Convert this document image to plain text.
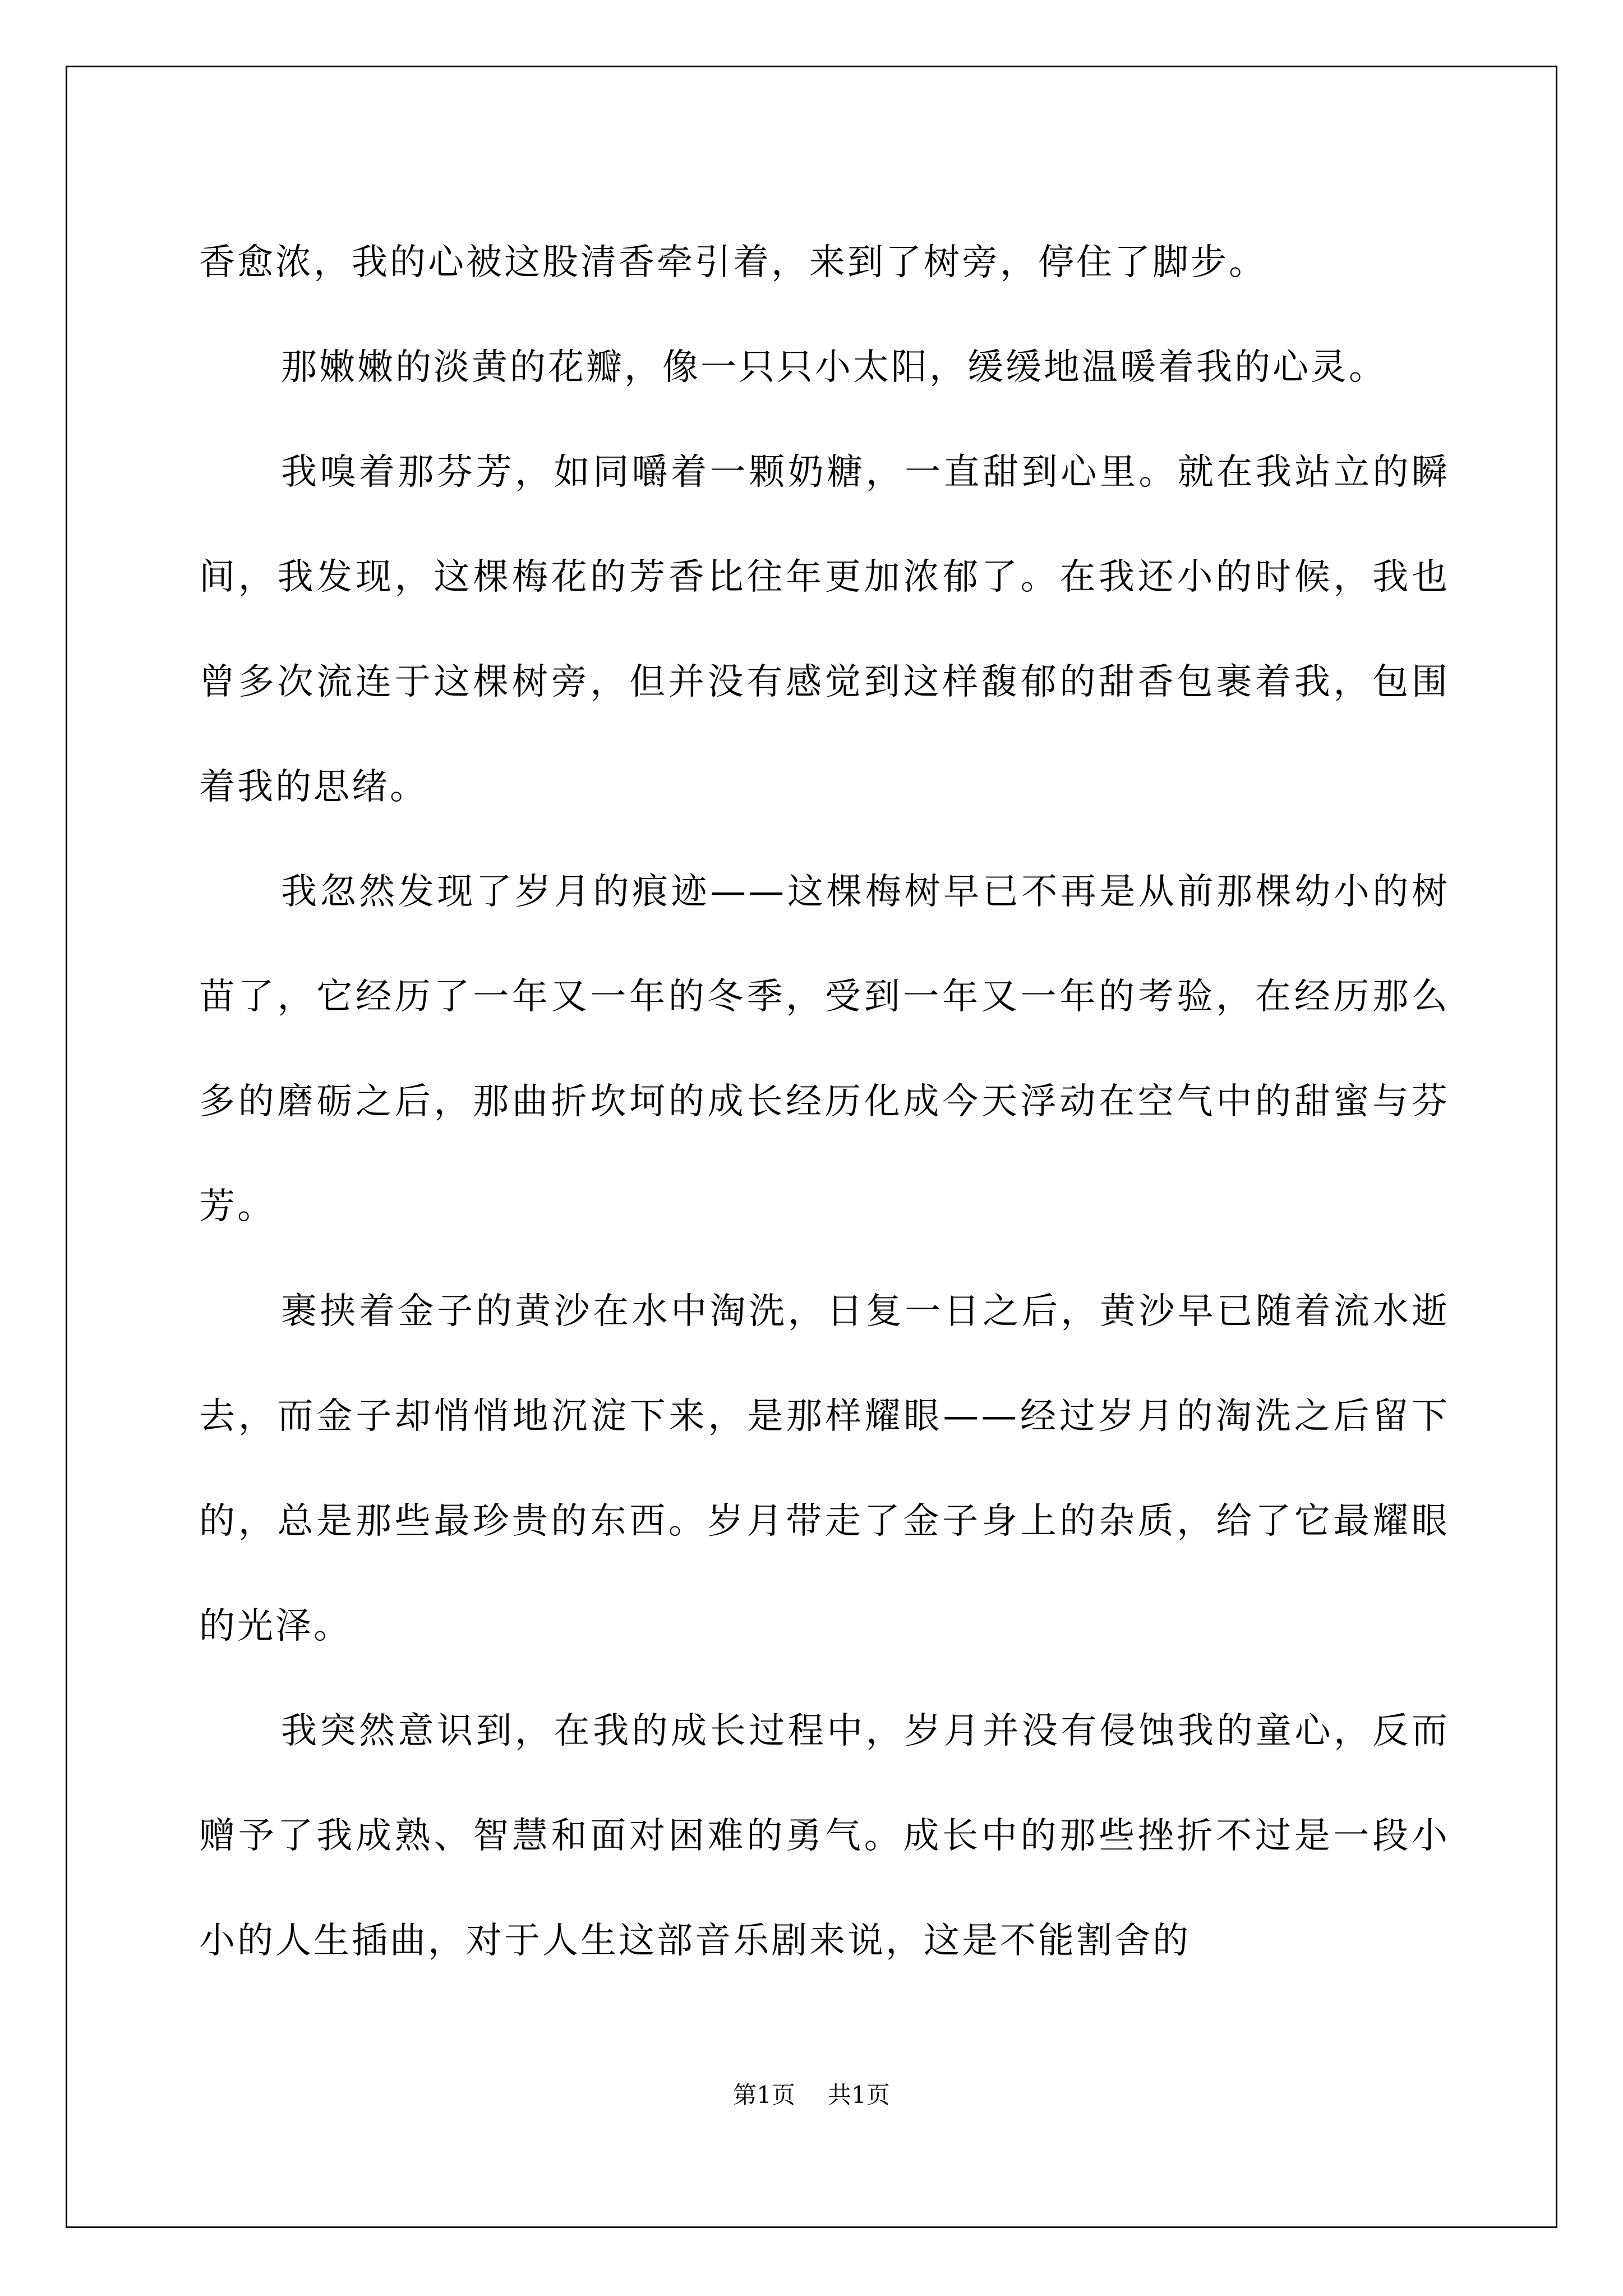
香愈浓，我的心被这股清香牵引着，来到了树旁，停住了脚步。

那嫩嫩的淡黄的花瓣，像一只只小太阳，缓缓地温暖着我的心灵。

我嗅着那芬芳，如同嚼着一颗奶糖，一直甜到心里。就在我站立的瞬间，我发现，这棵梅花的芳香比往年更加浓郁了。在我还小的时候，我也曾多次流连于这棵树旁，但并没有感觉到这样馥郁的甜香包裹着我，包围着我的思绪。

我忽然发现了岁月的痕迹——这棵梅树早已不再是从前那棵幼小的树苗了，它经历了一年又一年的冬季，受到一年又一年的考验，在经历那么多的磨砺之后，那曲折坎坷的成长经历化成今天浮动在空气中的甜蜜与芬芳。

裹挟着金子的黄沙在水中淘洗，日复一日之后，黄沙早已随着流水逝去，而金子却悄悄地沉淀下来，是那样耀眼——经过岁月的淘洗之后留下的，总是那些最珍贵的东西。岁月带走了金子身上的杂质，给了它最耀眼的光泽。

我突然意识到，在我的成长过程中，岁月并没有侵蚀我的童心，反而赠予了我成熟、智慧和面对困难的勇气。成长中的那些挫折不过是一段小小的人生插曲，对于人生这部音乐剧来说，这是不能割舍的

第1页 共1页
